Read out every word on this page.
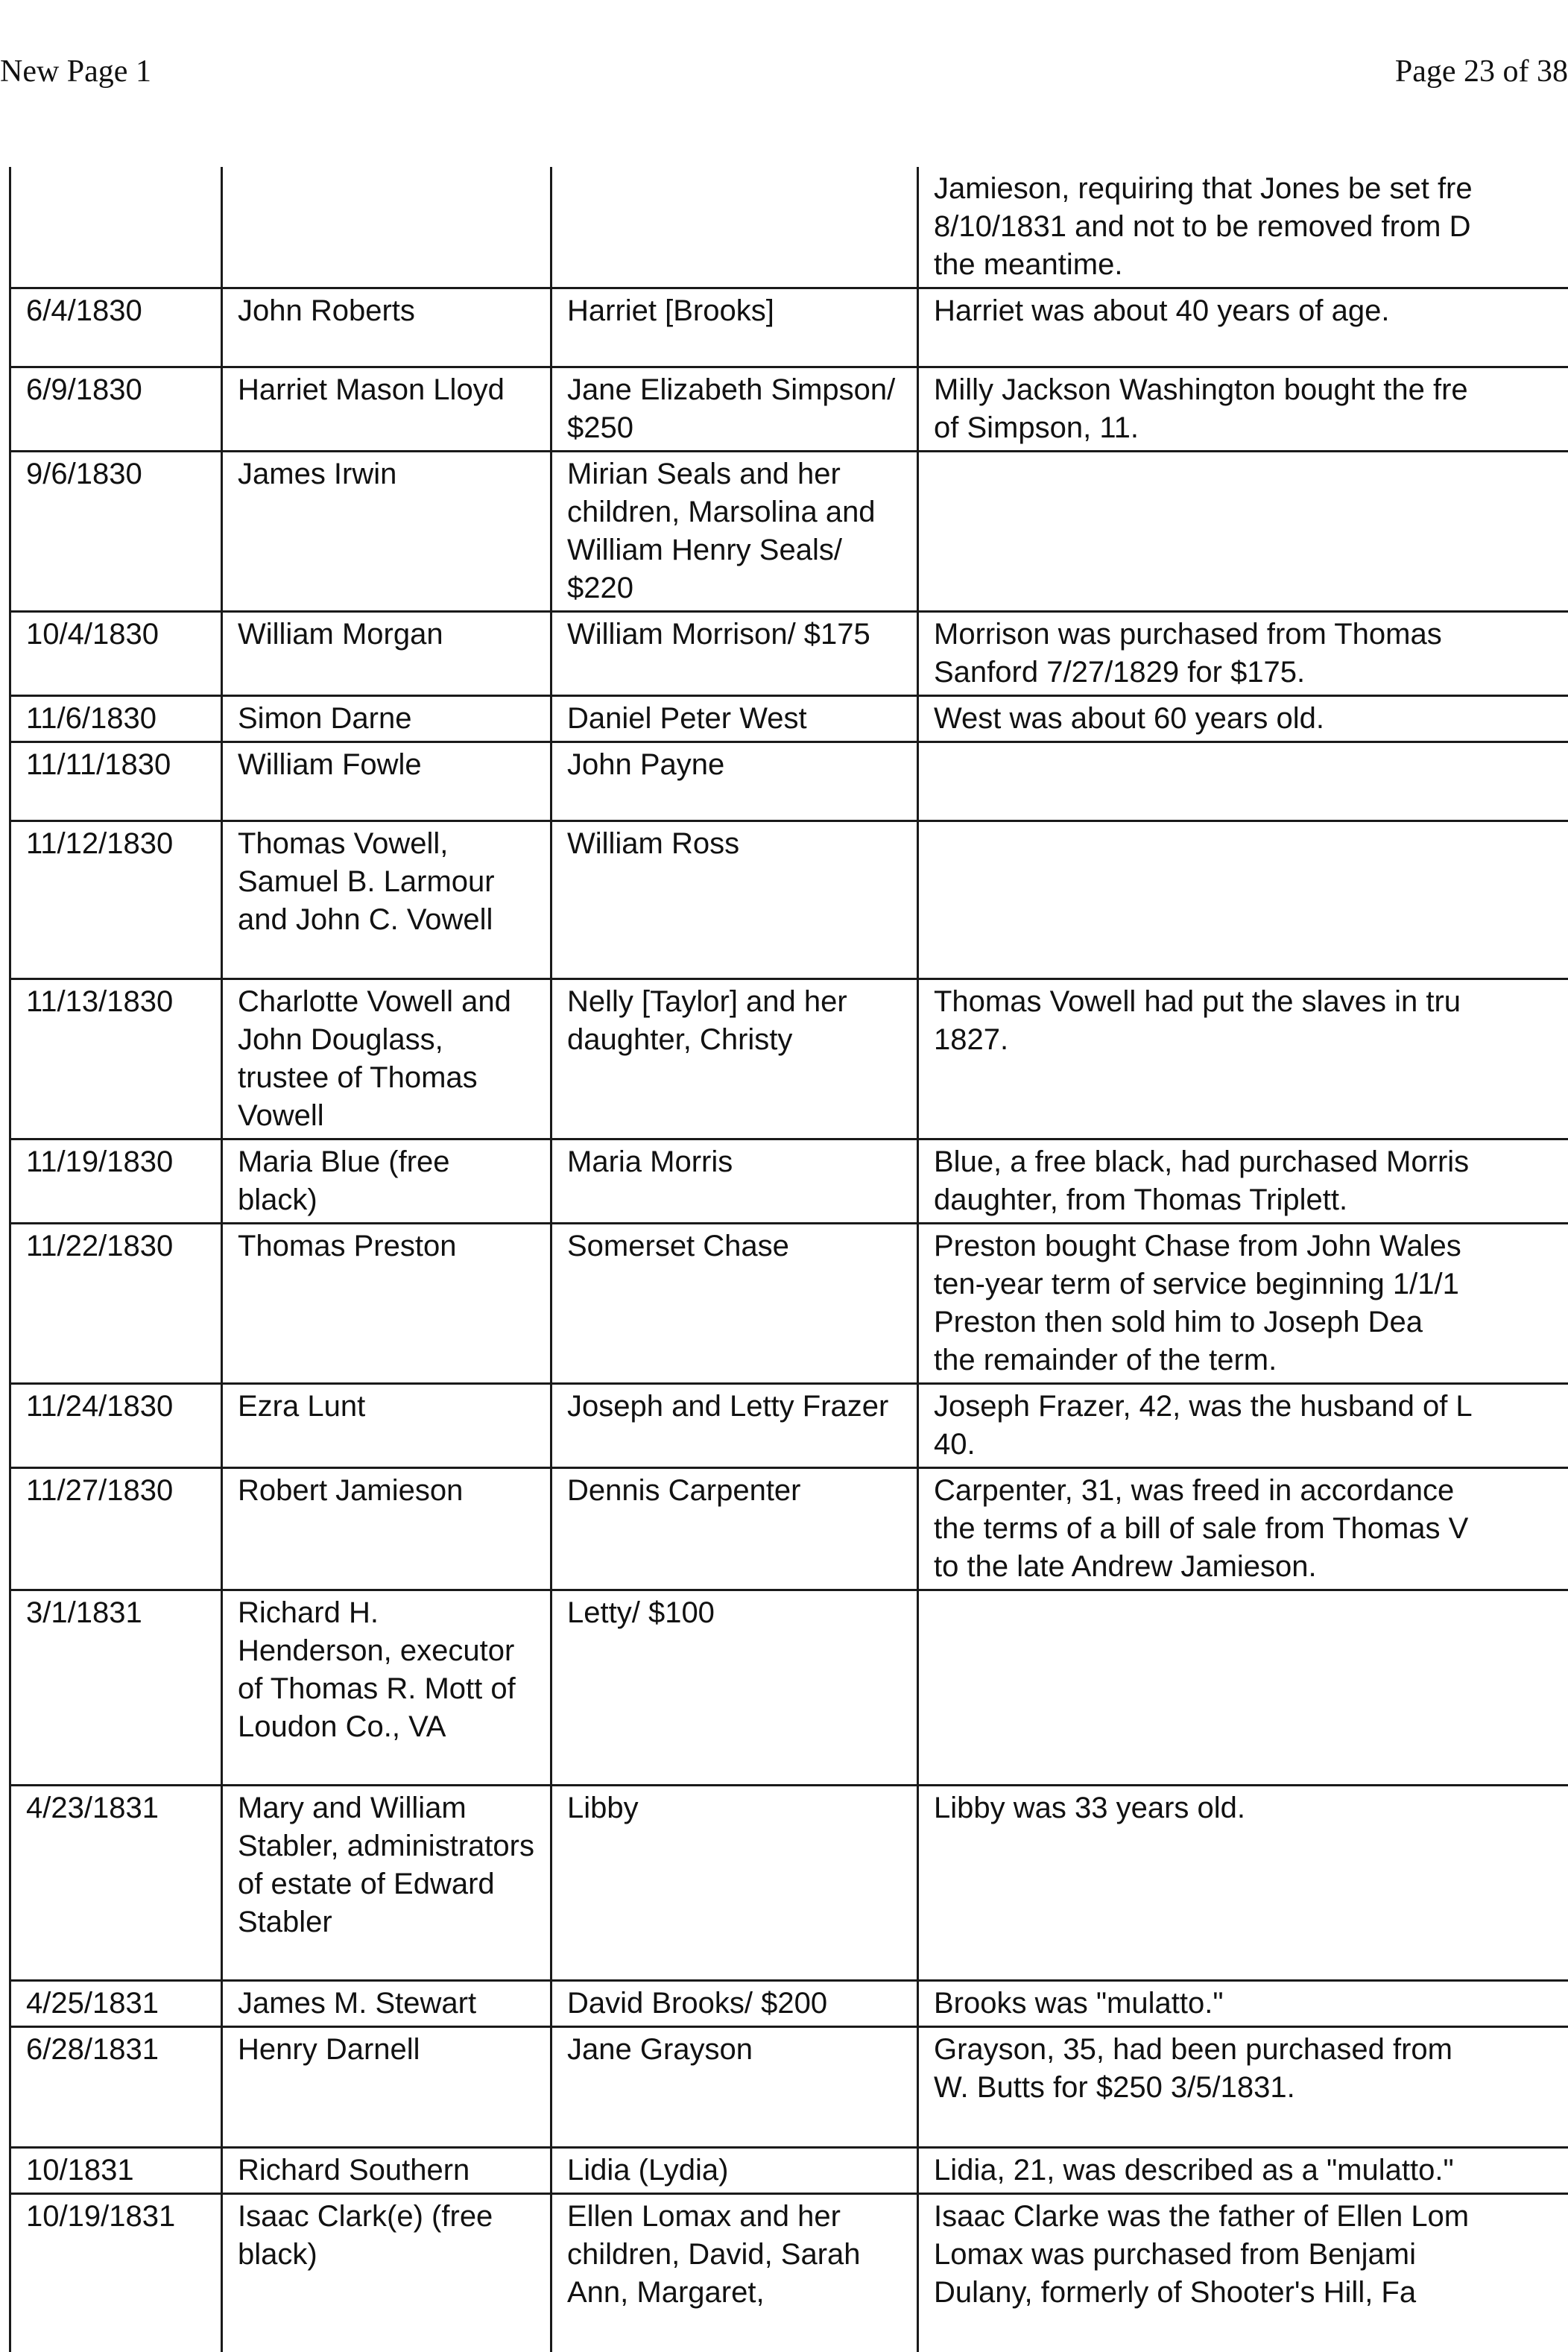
New Page 1	Page 23 of 38

			Jamieson, requiring that Jones be set fre
8/10/1831 and not to be removed from D
the meantime.

6/4/1830	John Roberts	Harriet [Brooks]	Harriet was about 40 years of age.

6/9/1830	Harriet Mason Lloyd	Jane Elizabeth Simpson/ $250	Milly Jackson Washington bought the fre
of Simpson, 11.

9/6/1830	James Irwin	Mirian Seals and her children, Marsolina and William Henry Seals/ $220	
10/4/1830	William Morgan	William Morrison/ $175	Morrison was purchased from Thomas
Sanford 7/27/1829 for $175.

11/6/1830	Simon Darne	Daniel Peter West	West was about 60 years old.

11/11/1830	William Fowle	John Payne	
11/12/1830	Thomas Vowell, Samuel B. Larmour and John C. Vowell	William Ross	
11/13/1830	Charlotte Vowell and John Douglass, trustee of Thomas Vowell	Nelly [Taylor] and her daughter, Christy	Thomas Vowell had put the slaves in tru
1827.

11/19/1830	Maria Blue (free black)	Maria Morris	Blue, a free black, had purchased Morris
daughter, from Thomas Triplett.

11/22/1830	Thomas Preston	Somerset Chase	Preston bought Chase from John Wales
ten-year term of service beginning 1/1/1
Preston then sold him to Joseph Dea
the remainder of the term.

11/24/1830	Ezra Lunt	Joseph and Letty Frazer	Joseph Frazer, 42, was the husband of L
40.

11/27/1830	Robert Jamieson	Dennis Carpenter	Carpenter, 31, was freed in accordance
the terms of a bill of sale from Thomas V
to the late Andrew Jamieson.

3/1/1831	Richard H. Henderson, executor of Thomas R. Mott of Loudon Co., VA	Letty/ $100	
4/23/1831	Mary and William Stabler, administrators of estate of Edward Stabler	Libby	Libby was 33 years old.

4/25/1831	James M. Stewart	David Brooks/ $200	Brooks was "mulatto."

6/28/1831	Henry Darnell	Jane Grayson	Grayson, 35, had been purchased from
W. Butts for $250 3/5/1831.

10/1831	Richard Southern	Lidia (Lydia)	Lidia, 21, was described as a "mulatto."

10/19/1831	Isaac Clark(e) (free black)	Ellen Lomax and her children, David, Sarah Ann, Margaret,	Isaac Clarke was the father of Ellen Lom
Lomax was purchased from Benjami
Dulany, formerly of Shooter's Hill, Fa
